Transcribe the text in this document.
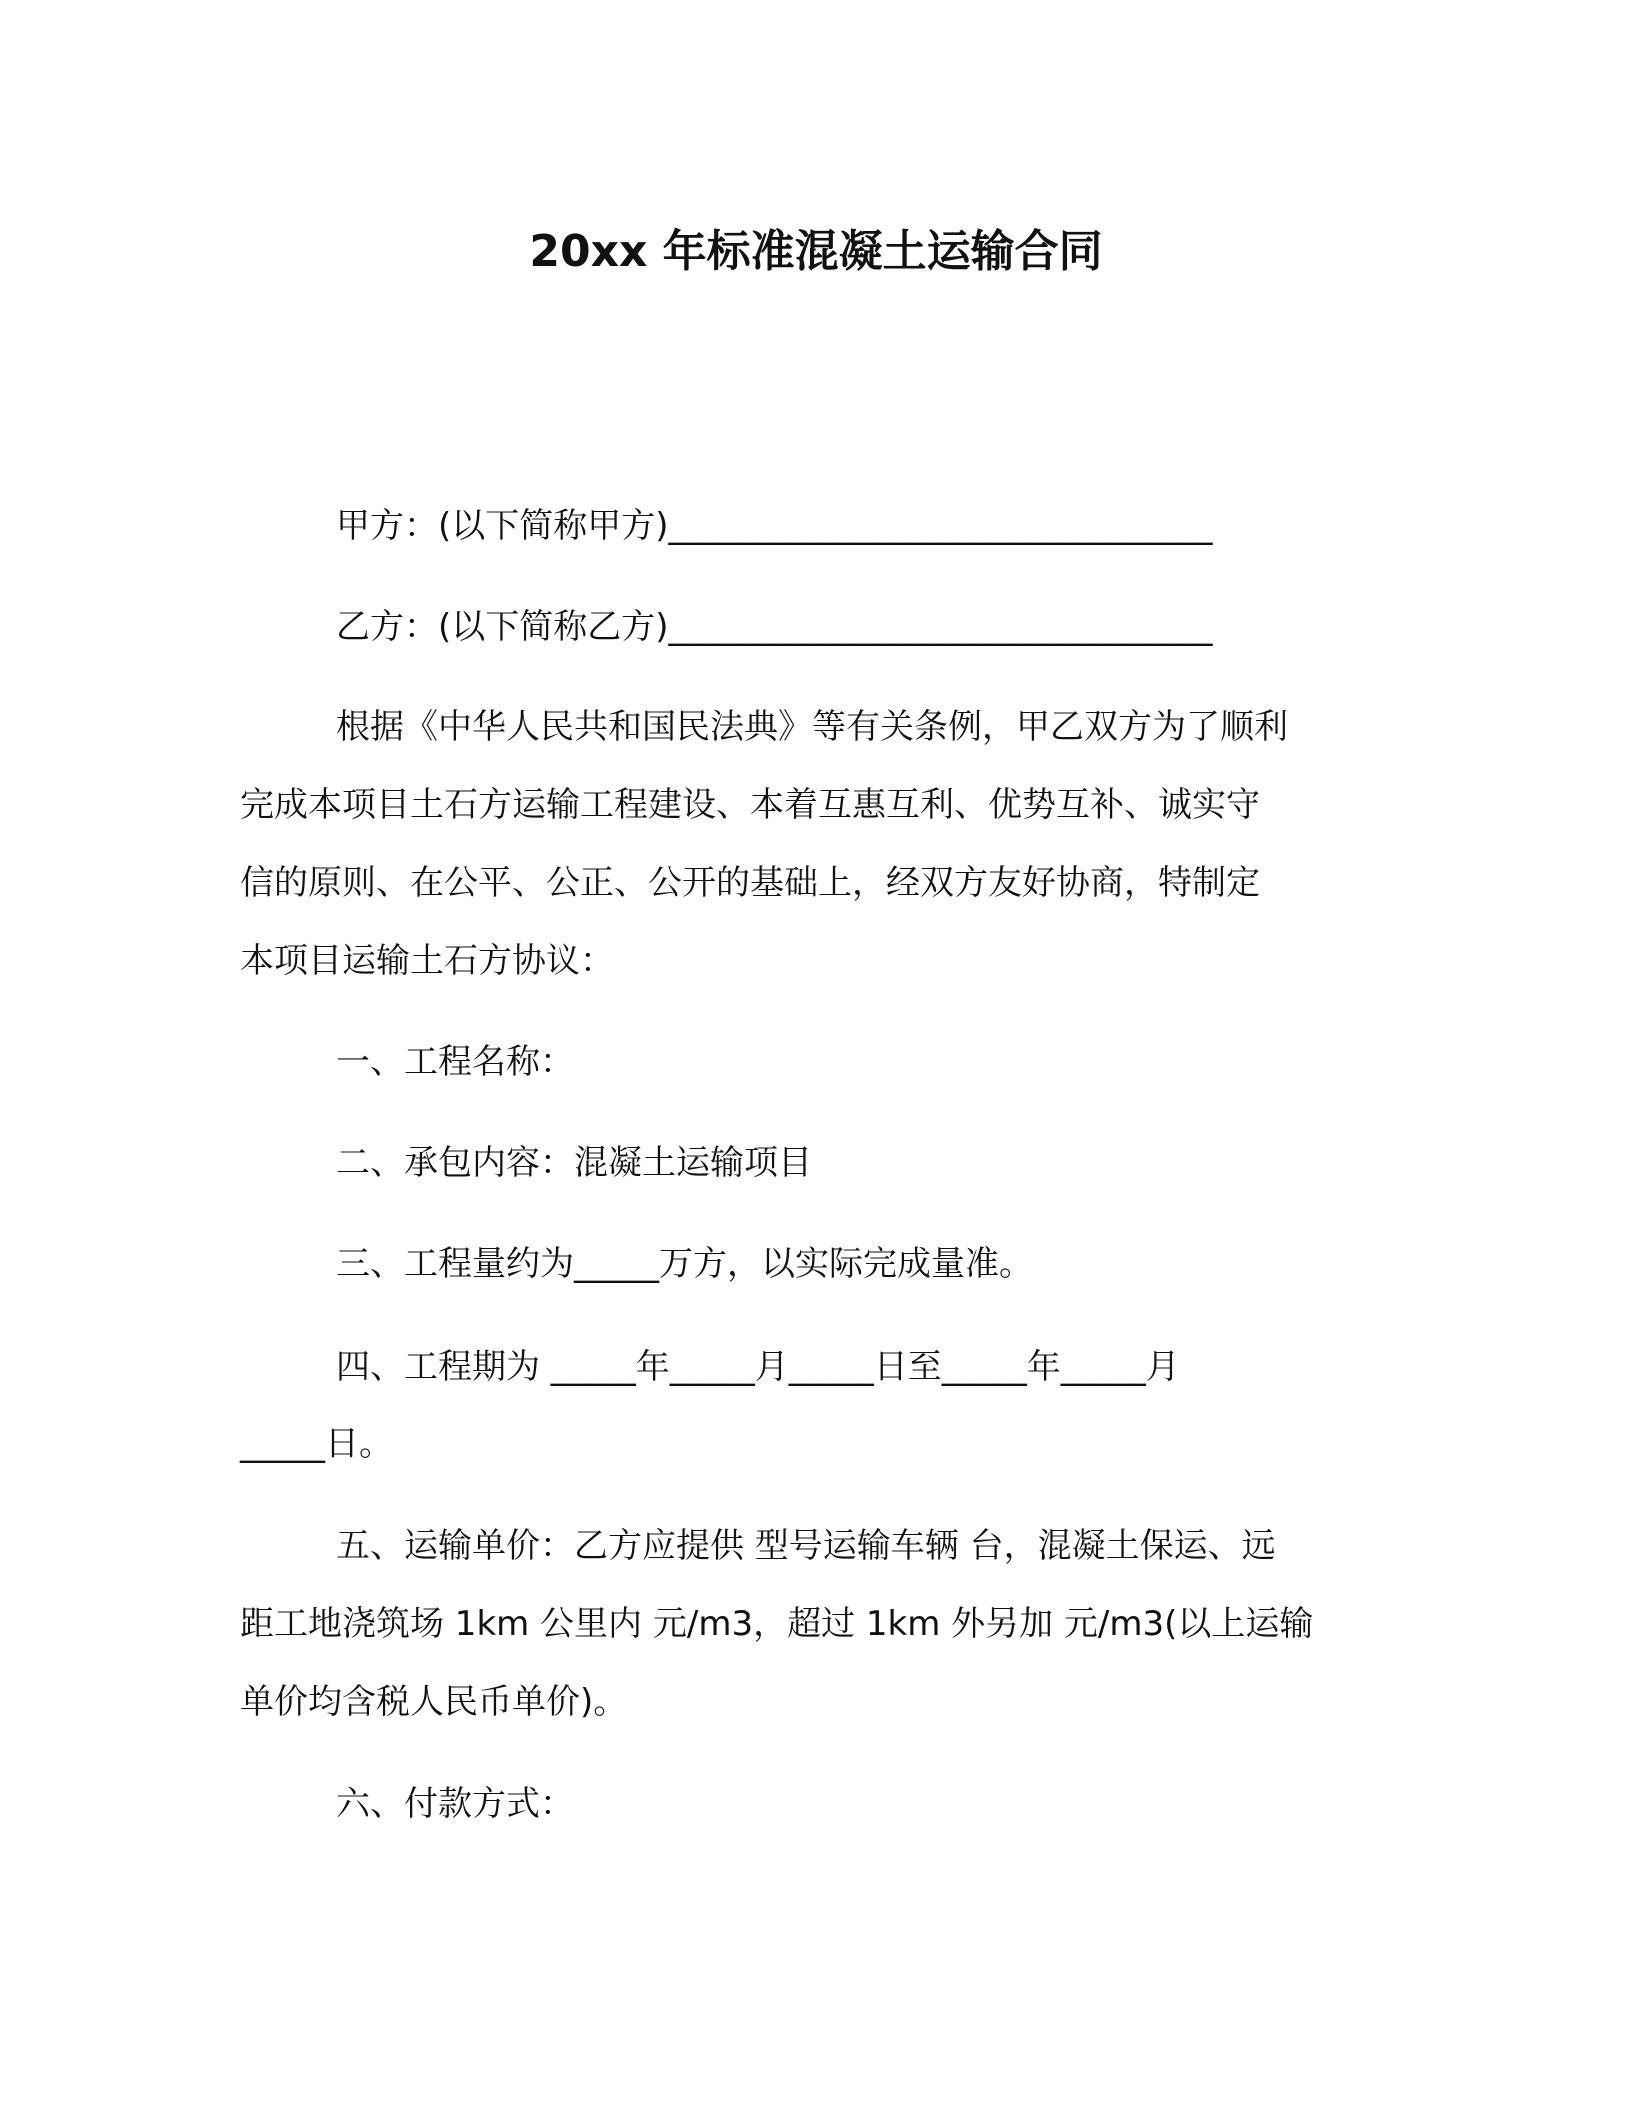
20xx 年标准混凝土运输合同
甲方：(以下简称甲方)________________________________
乙方：(以下简称乙方)________________________________
根据《中华人民共和国民法典》等有关条例，甲乙双方为了顺利
完成本项目土石方运输工程建设、本着互惠互利、优势互补、诚实守
信的原则、在公平、公正、公开的基础上，经双方友好协商，特制定
本项目运输土石方协议：
一、工程名称：
二、承包内容：混凝土运输项目
三、工程量约为_____万方，以实际完成量准。
四、工程期为 _____年_____月_____日至_____年_____月
_____日。
五、运输单价：乙方应提供 型号运输车辆 台，混凝土保运、远
距工地浇筑场 1km 公里内 元/m3，超过 1km 外另加 元/m3(以上运输
单价均含税人民币单价)。
六、付款方式：
